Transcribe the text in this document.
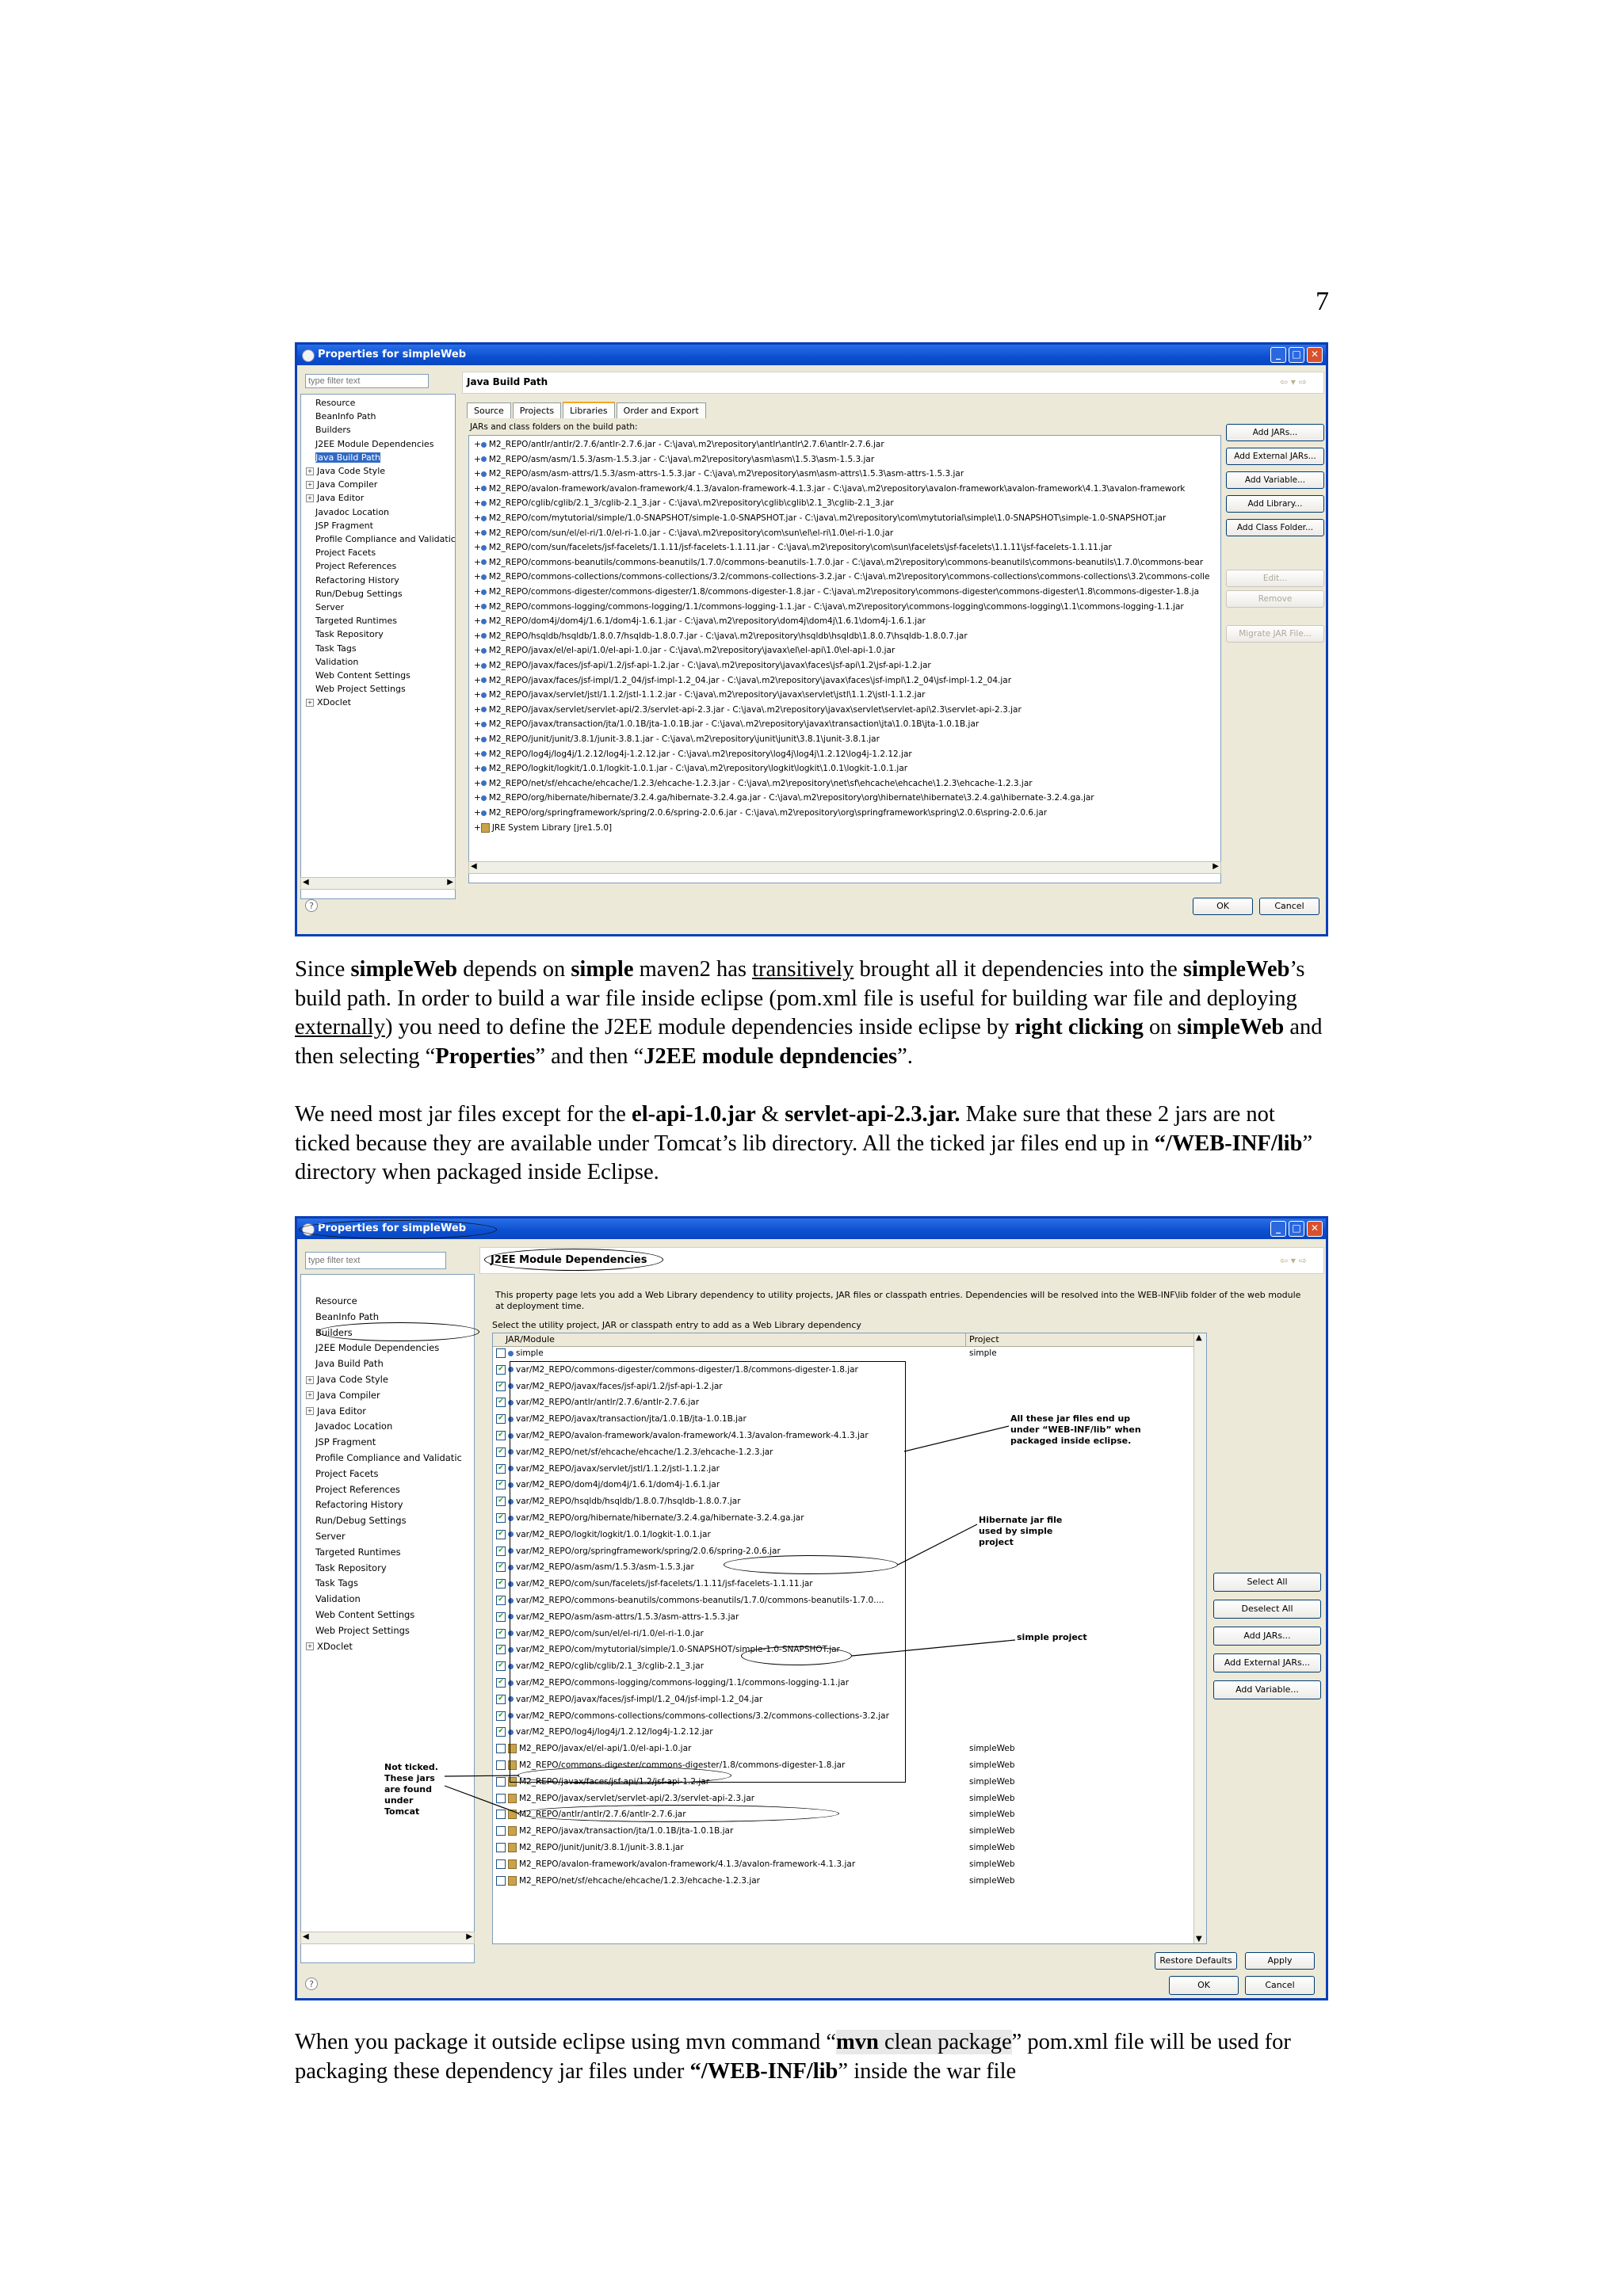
7
Properties for simpleWeb	_	□	✕
type filter text
Resource
BeanInfo Path
Builders
J2EE Module Dependencies
Java Build Path
+ Java Code Style
+ Java Compiler
+ Java Editor
Javadoc Location
JSP Fragment
Profile Compliance and Validatic
Project Facets
Project References
Refactoring History
Run/Debug Settings
Server
Targeted Runtimes
Task Repository
Task Tags
Validation
Web Content Settings
Web Project Settings
+ XDoclet
◀	▶
Java Build Path	⇦ ▾ ⇨
Source Projects Libraries Order and Export
JARs and class folders on the build path:
+ M2_REPO/antlr/antlr/2.7.6/antlr-2.7.6.jar - C:\java\.m2\repository\antlr\antlr\2.7.6\antlr-2.7.6.jar
+ M2_REPO/asm/asm/1.5.3/asm-1.5.3.jar - C:\java\.m2\repository\asm\asm\1.5.3\asm-1.5.3.jar
+ M2_REPO/asm/asm-attrs/1.5.3/asm-attrs-1.5.3.jar - C:\java\.m2\repository\asm\asm-attrs\1.5.3\asm-attrs-1.5.3.jar
+ M2_REPO/avalon-framework/avalon-framework/4.1.3/avalon-framework-4.1.3.jar - C:\java\.m2\repository\avalon-framework\avalon-framework\4.1.3\avalon-framework
+ M2_REPO/cglib/cglib/2.1_3/cglib-2.1_3.jar - C:\java\.m2\repository\cglib\cglib\2.1_3\cglib-2.1_3.jar
+ M2_REPO/com/mytutorial/simple/1.0-SNAPSHOT/simple-1.0-SNAPSHOT.jar - C:\java\.m2\repository\com\mytutorial\simple\1.0-SNAPSHOT\simple-1.0-SNAPSHOT.jar
+ M2_REPO/com/sun/el/el-ri/1.0/el-ri-1.0.jar - C:\java\.m2\repository\com\sun\el\el-ri\1.0\el-ri-1.0.jar
+ M2_REPO/com/sun/facelets/jsf-facelets/1.1.11/jsf-facelets-1.1.11.jar - C:\java\.m2\repository\com\sun\facelets\jsf-facelets\1.1.11\jsf-facelets-1.1.11.jar
+ M2_REPO/commons-beanutils/commons-beanutils/1.7.0/commons-beanutils-1.7.0.jar - C:\java\.m2\repository\commons-beanutils\commons-beanutils\1.7.0\commons-bear
+ M2_REPO/commons-collections/commons-collections/3.2/commons-collections-3.2.jar - C:\java\.m2\repository\commons-collections\commons-collections\3.2\commons-colle
+ M2_REPO/commons-digester/commons-digester/1.8/commons-digester-1.8.jar - C:\java\.m2\repository\commons-digester\commons-digester\1.8\commons-digester-1.8.ja
+ M2_REPO/commons-logging/commons-logging/1.1/commons-logging-1.1.jar - C:\java\.m2\repository\commons-logging\commons-logging\1.1\commons-logging-1.1.jar
+ M2_REPO/dom4j/dom4j/1.6.1/dom4j-1.6.1.jar - C:\java\.m2\repository\dom4j\dom4j\1.6.1\dom4j-1.6.1.jar
+ M2_REPO/hsqldb/hsqldb/1.8.0.7/hsqldb-1.8.0.7.jar - C:\java\.m2\repository\hsqldb\hsqldb\1.8.0.7\hsqldb-1.8.0.7.jar
+ M2_REPO/javax/el/el-api/1.0/el-api-1.0.jar - C:\java\.m2\repository\javax\el\el-api\1.0\el-api-1.0.jar
+ M2_REPO/javax/faces/jsf-api/1.2/jsf-api-1.2.jar - C:\java\.m2\repository\javax\faces\jsf-api\1.2\jsf-api-1.2.jar
+ M2_REPO/javax/faces/jsf-impl/1.2_04/jsf-impl-1.2_04.jar - C:\java\.m2\repository\javax\faces\jsf-impl\1.2_04\jsf-impl-1.2_04.jar
+ M2_REPO/javax/servlet/jstl/1.1.2/jstl-1.1.2.jar - C:\java\.m2\repository\javax\servlet\jstl\1.1.2\jstl-1.1.2.jar
+ M2_REPO/javax/servlet/servlet-api/2.3/servlet-api-2.3.jar - C:\java\.m2\repository\javax\servlet\servlet-api\2.3\servlet-api-2.3.jar
+ M2_REPO/javax/transaction/jta/1.0.1B/jta-1.0.1B.jar - C:\java\.m2\repository\javax\transaction\jta\1.0.1B\jta-1.0.1B.jar
+ M2_REPO/junit/junit/3.8.1/junit-3.8.1.jar - C:\java\.m2\repository\junit\junit\3.8.1\junit-3.8.1.jar
+ M2_REPO/log4j/log4j/1.2.12/log4j-1.2.12.jar - C:\java\.m2\repository\log4j\log4j\1.2.12\log4j-1.2.12.jar
+ M2_REPO/logkit/logkit/1.0.1/logkit-1.0.1.jar - C:\java\.m2\repository\logkit\logkit\1.0.1\logkit-1.0.1.jar
+ M2_REPO/net/sf/ehcache/ehcache/1.2.3/ehcache-1.2.3.jar - C:\java\.m2\repository\net\sf\ehcache\ehcache\1.2.3\ehcache-1.2.3.jar
+ M2_REPO/org/hibernate/hibernate/3.2.4.ga/hibernate-3.2.4.ga.jar - C:\java\.m2\repository\org\hibernate\hibernate\3.2.4.ga\hibernate-3.2.4.ga.jar
+ M2_REPO/org/springframework/spring/2.0.6/spring-2.0.6.jar - C:\java\.m2\repository\org\springframework\spring\2.0.6\spring-2.0.6.jar
+ JRE System Library [jre1.5.0]
◀	▶
Add JARs...
Add External JARs...
Add Variable...
Add Library...
Add Class Folder...
Edit...
Remove
Migrate JAR File...
?	OK	Cancel
Since simpleWeb depends on simple maven2 has transitively brought all it dependencies into the simpleWeb’s build path. In order to build a war file inside eclipse (pom.xml file is useful for building war file and deploying externally) you need to define the J2EE module dependencies inside eclipse by right clicking on simpleWeb and then selecting “Properties” and then “J2EE module depndencies”.
We need most jar files except for the el-api-1.0.jar & servlet-api-2.3.jar. Make sure that these 2 jars are not ticked because they are available under Tomcat’s lib directory. All the ticked jar files end up in “/WEB-INF/lib” directory when packaged inside Eclipse.
Properties for simpleWeb	_	□	✕
type filter text
Resource
BeanInfo Path
Builders
J2EE Module Dependencies
Java Build Path
+ Java Code Style
+ Java Compiler
+ Java Editor
Javadoc Location
JSP Fragment
Profile Compliance and Validatic
Project Facets
Project References
Refactoring History
Run/Debug Settings
Server
Targeted Runtimes
Task Repository
Task Tags
Validation
Web Content Settings
Web Project Settings
+ XDoclet
◀	▶
J2EE Module Dependencies	⇦ ▾ ⇨
This property page lets you add a Web Library dependency to utility projects, JAR files or classpath entries. Dependencies will be resolved into the WEB-INF\lib folder of the web module at deployment time.
Select the utility project, JAR or classpath entry to add as a Web Library dependency
JAR/Module	Project	▲
▼
simple	simple
✔ var/M2_REPO/commons-digester/commons-digester/1.8/commons-digester-1.8.jar
✔ var/M2_REPO/javax/faces/jsf-api/1.2/jsf-api-1.2.jar
✔ var/M2_REPO/antlr/antlr/2.7.6/antlr-2.7.6.jar
✔ var/M2_REPO/javax/transaction/jta/1.0.1B/jta-1.0.1B.jar
✔ var/M2_REPO/avalon-framework/avalon-framework/4.1.3/avalon-framework-4.1.3.jar
✔ var/M2_REPO/net/sf/ehcache/ehcache/1.2.3/ehcache-1.2.3.jar
✔ var/M2_REPO/javax/servlet/jstl/1.1.2/jstl-1.1.2.jar
✔ var/M2_REPO/dom4j/dom4j/1.6.1/dom4j-1.6.1.jar
✔ var/M2_REPO/hsqldb/hsqldb/1.8.0.7/hsqldb-1.8.0.7.jar
✔ var/M2_REPO/org/hibernate/hibernate/3.2.4.ga/hibernate-3.2.4.ga.jar
✔ var/M2_REPO/logkit/logkit/1.0.1/logkit-1.0.1.jar
✔ var/M2_REPO/org/springframework/spring/2.0.6/spring-2.0.6.jar
✔ var/M2_REPO/asm/asm/1.5.3/asm-1.5.3.jar
✔ var/M2_REPO/com/sun/facelets/jsf-facelets/1.1.11/jsf-facelets-1.1.11.jar
✔ var/M2_REPO/commons-beanutils/commons-beanutils/1.7.0/commons-beanutils-1.7.0....
✔ var/M2_REPO/asm/asm-attrs/1.5.3/asm-attrs-1.5.3.jar
✔ var/M2_REPO/com/sun/el/el-ri/1.0/el-ri-1.0.jar
✔ var/M2_REPO/com/mytutorial/simple/1.0-SNAPSHOT/simple-1.0-SNAPSHOT.jar
✔ var/M2_REPO/cglib/cglib/2.1_3/cglib-2.1_3.jar
✔ var/M2_REPO/commons-logging/commons-logging/1.1/commons-logging-1.1.jar
✔ var/M2_REPO/javax/faces/jsf-impl/1.2_04/jsf-impl-1.2_04.jar
✔ var/M2_REPO/commons-collections/commons-collections/3.2/commons-collections-3.2.jar
✔ var/M2_REPO/log4j/log4j/1.2.12/log4j-1.2.12.jar
M2_REPO/javax/el/el-api/1.0/el-api-1.0.jar	simpleWeb
M2_REPO/commons-digester/commons-digester/1.8/commons-digester-1.8.jar	simpleWeb
M2_REPO/javax/faces/jsf-api/1.2/jsf-api-1.2.jar	simpleWeb
M2_REPO/javax/servlet/servlet-api/2.3/servlet-api-2.3.jar	simpleWeb
M2_REPO/antlr/antlr/2.7.6/antlr-2.7.6.jar	simpleWeb
M2_REPO/javax/transaction/jta/1.0.1B/jta-1.0.1B.jar	simpleWeb
M2_REPO/junit/junit/3.8.1/junit-3.8.1.jar	simpleWeb
M2_REPO/avalon-framework/avalon-framework/4.1.3/avalon-framework-4.1.3.jar	simpleWeb
M2_REPO/net/sf/ehcache/ehcache/1.2.3/ehcache-1.2.3.jar	simpleWeb
All these jar files end up under “WEB-INF/lib” when packaged inside eclipse.
Hibernate jar file used by simple project
simple project
Not ticked. These jars are found under Tomcat
Select All
Deselect All
Add JARs...
Add External JARs...
Add Variable...
Restore Defaults	Apply
?	OK	Cancel
When you package it outside eclipse using mvn command “mvn clean package” pom.xml file will be used for packaging these dependency jar files under “/WEB-INF/lib” inside the war file
